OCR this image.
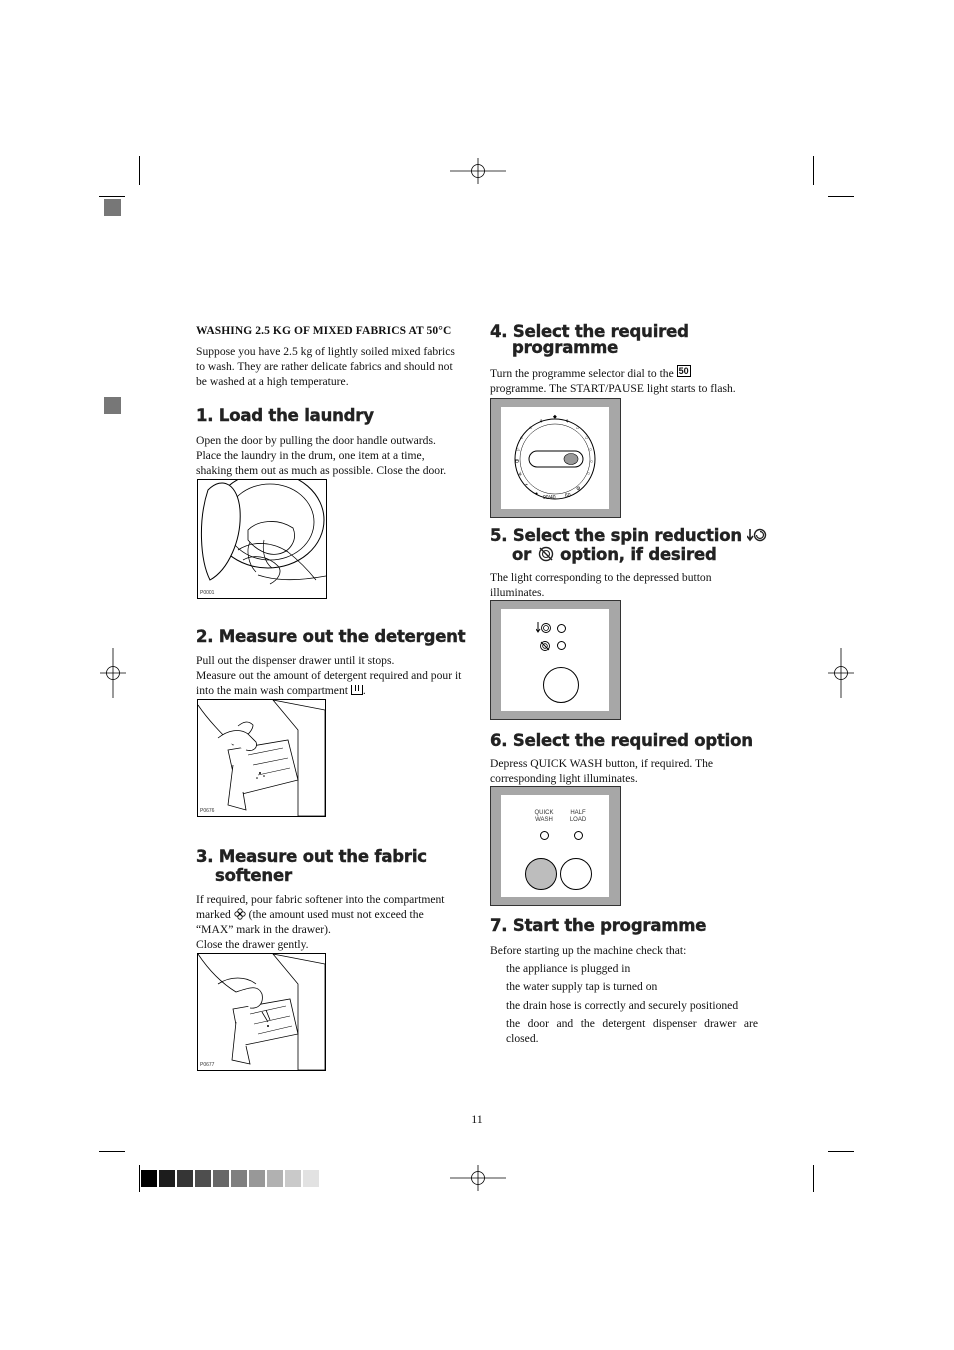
WASHING 2.5 KG OF MIXED FABRICS AT 50°C
Suppose you have 2.5 kg of lightly soiled mixed fabrics to wash. They are rather delicate fabrics and should not be washed at a high temperature.
1. Load the laundry
Open the door by pulling the door handle outwards. Place the laundry in the drum, one item at a time, shaking them out as much as possible. Close the door.
P0001
2. Measure out the detergent
Pull out the dispenser drawer until it stops.
Measure out the amount of detergent required and pour it into the main wash compartment .
P0676
3. Measure out the fabric
softener
If required, pour fabric softener into the compartment
marked (the amount used must not exceed the
“MAX” mark in the drawer).
Close the drawer gently.
P0677
4. Select the required
programme
Turn the programme selector dial to the 50
programme. The START/PAUSE light starts to flash.
◆
⚘	⚘
⌂	⌂
⌂	⌂
♨	○
ϴ	○
⚶	○
⌁
●
90/40 60
⚙
5. Select the spin reduction
or option, if desired
The light corresponding to the depressed button illuminates.
6. Select the required option
Depress QUICK WASH button, if required. The corresponding light illuminates.
QUICK
WASH
HALF
LOAD
7. Start the programme
Before starting up the machine check that:
the appliance is plugged in
the water supply tap is turned on
the drain hose is correctly and securely positioned
the door and the detergent dispenser drawer are closed.
11
